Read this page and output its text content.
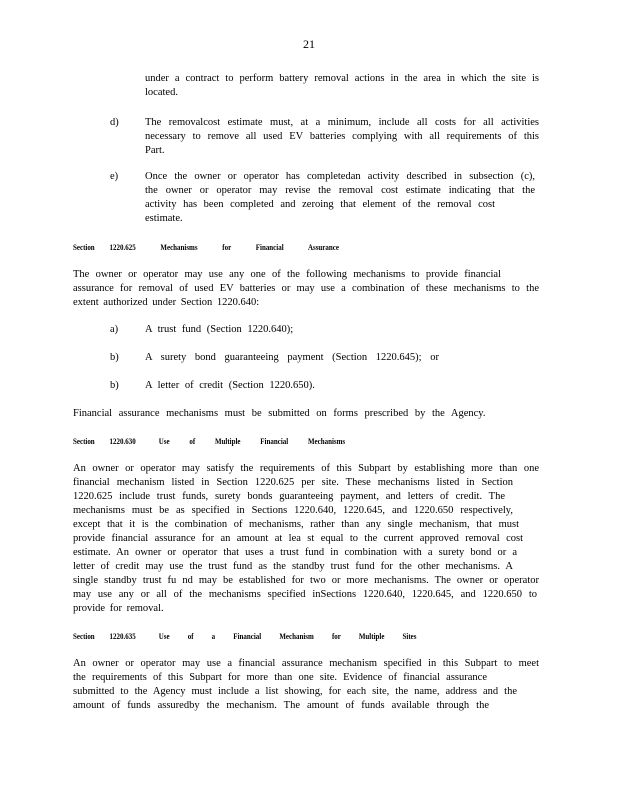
21
under a contract to perform battery removal actions in the area in which the site is
located.
d)	The removalcost estimate must, at a minimum, include all costs for all activities
necessary to remove all used EV batteries complying with all requirements of this
Part.
e)	Once the owner or operator has completedan activity described in subsection (c),
the owner or operator may revise the removal cost estimate indicating that the
activity has been completed and zeroing that element of the removal cost
estimate.
Section 1220.625	Mechanisms for Financial Assurance
The owner or operator may use any one of the following mechanisms to provide financial
assurance for removal of used EV batteries or may use a combination of these mechanisms to the
extent authorized under Section 1220.640:
a)	A trust fund (Section 1220.640);
b)	A surety bond guaranteeing payment (Section 1220.645); or
b)	A letter of credit (Section 1220.650).
Financial assurance mechanisms must be submitted on forms prescribed by the Agency.
Section 1220.630	Use of Multiple Financial Mechanisms
An owner or operator may satisfy the requirements of this Subpart by establishing more than one
financial mechanism listed in Section 1220.625 per site. These mechanisms listed in Section
1220.625 include trust funds, surety bonds guaranteeing payment, and letters of credit. The
mechanisms must be as specified in Sections 1220.640, 1220.645, and 1220.650 respectively,
except that it is the combination of mechanisms, rather than any single mechanism, that must
provide financial assurance for an amount at lea st equal to the current approved removal cost
estimate. An owner or operator that uses a trust fund in combination with a surety bond or a
letter of credit may use the trust fund as the standby trust fund for the other mechanisms. A
single standby trust fu nd may be established for two or more mechanisms. The owner or operator
may use any or all of the mechanisms specified inSections 1220.640, 1220.645, and 1220.650 to
provide for removal.
Section 1220.635	Use of a Financial Mechanism for Multiple Sites
An owner or operator may use a financial assurance mechanism specified in this Subpart to meet
the requirements of this Subpart for more than one site. Evidence of financial assurance
submitted to the Agency must include a list showing, for each site, the name, address and the
amount of funds assuredby the mechanism. The amount of funds available through the
